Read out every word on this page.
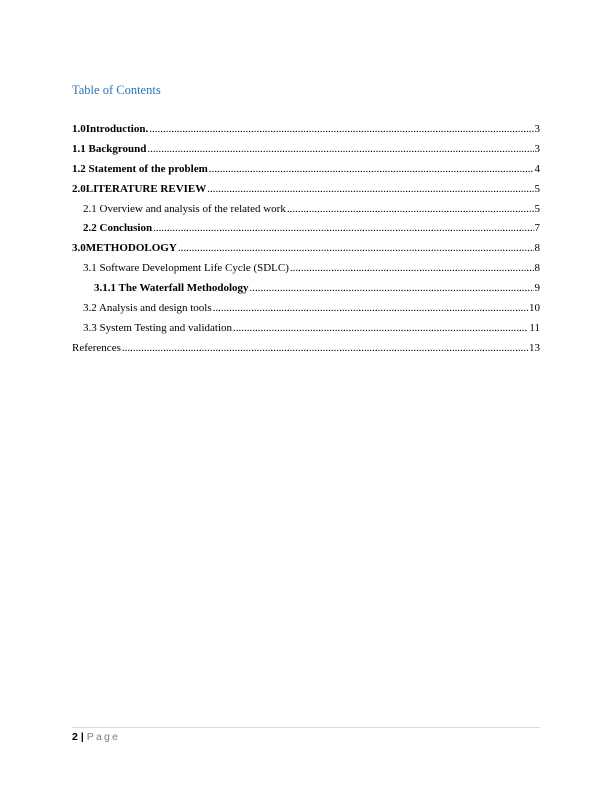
Table of Contents
1.0Introduction. .....	3
1.1 Background .....	3
1.2 Statement of the problem .....	4
2.0LITERATURE REVIEW .....	5
2.1 Overview and analysis of the related work .....	5
2.2 Conclusion .....	7
3.0METHODOLOGY .....	8
3.1 Software Development Life Cycle (SDLC) .....	8
3.1.1 The Waterfall Methodology .....	9
3.2 Analysis and design tools .....	10
3.3 System Testing and validation .....	11
References .....	13
2 | Page
